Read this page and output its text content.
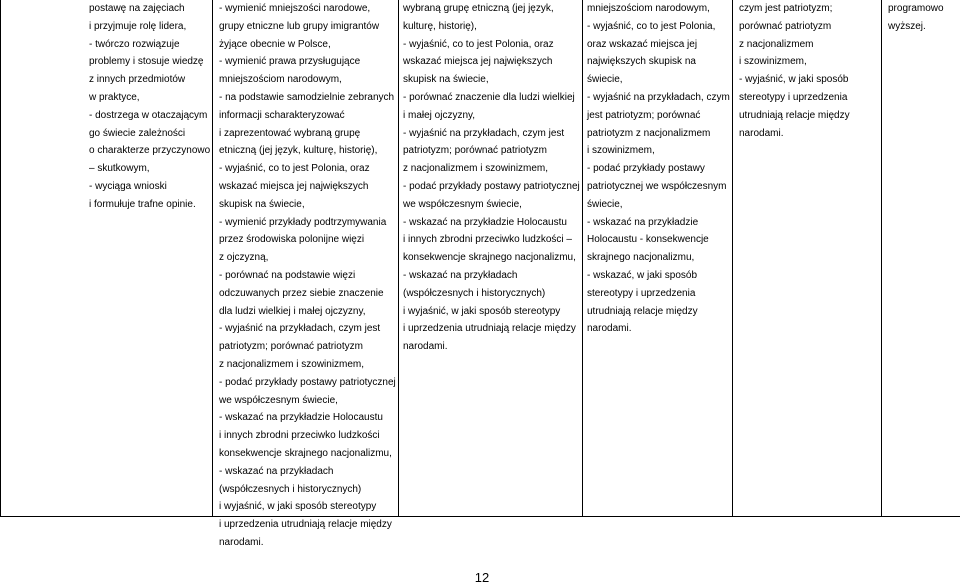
postawę na zajęciach
i przyjmuje rolę lidera,
- twórczo rozwiązuje
problemy i stosuje wiedzę
z innych przedmiotów
w praktyce,
- dostrzega w otaczającym
go świecie zależności
o charakterze przyczynowo
– skutkowym,
- wyciąga wnioski
i formułuje trafne opinie.
- wymienić mniejszości narodowe,
grupy etniczne lub grupy imigrantów
żyjące obecnie w Polsce,
- wymienić prawa przysługujące
mniejszościom narodowym,
- na podstawie samodzielnie zebranych
informacji scharakteryzować
i zaprezentować wybraną grupę
etniczną (jej język, kulturę, historię),
- wyjaśnić, co to jest Polonia, oraz
wskazać miejsca jej największych
skupisk na świecie,
- wymienić przykłady podtrzymywania
przez środowiska polonijne więzi
z ojczyzną,
- porównać na podstawie więzi
odczuwanych przez siebie znaczenie
dla ludzi wielkiej i małej ojczyzny,
- wyjaśnić na przykładach, czym jest
patriotyzm; porównać patriotyzm
z nacjonalizmem i szowinizmem,
- podać przykłady postawy patriotycznej
we współczesnym świecie,
- wskazać na przykładzie Holocaustu
i innych zbrodni przeciwko ludzkości
konsekwencje skrajnego nacjonalizmu,
- wskazać na przykładach
(współczesnych i historycznych)
i wyjaśnić, w jaki sposób stereotypy
i uprzedzenia utrudniają relacje między
narodami.
wybraną grupę etniczną (jej język,
kulturę, historię),
- wyjaśnić, co to jest Polonia, oraz
wskazać miejsca jej największych
skupisk na świecie,
- porównać znaczenie dla ludzi wielkiej
i małej ojczyzny,
- wyjaśnić na przykładach, czym jest
patriotyzm; porównać patriotyzm
z nacjonalizmem i szowinizmem,
- podać przykłady postawy patriotycznej
we współczesnym świecie,
- wskazać na przykładzie Holocaustu
i innych zbrodni przeciwko ludzkości –
konsekwencje skrajnego nacjonalizmu,
- wskazać na przykładach
(współczesnych i historycznych)
i wyjaśnić, w jaki sposób stereotypy
i uprzedzenia utrudniają relacje między
narodami.
mniejszościom narodowym,
- wyjaśnić, co to jest Polonia,
oraz wskazać miejsca jej
największych skupisk na
świecie,
- wyjaśnić na przykładach, czym
jest patriotyzm; porównać
patriotyzm z nacjonalizmem
i szowinizmem,
- podać przykłady postawy
patriotycznej we współczesnym
świecie,
- wskazać na przykładzie
Holocaustu - konsekwencje
skrajnego nacjonalizmu,
- wskazać, w jaki sposób
stereotypy i uprzedzenia
utrudniają relacje między
narodami.
czym jest patriotyzm;
porównać patriotyzm
z nacjonalizmem
i szowinizmem,
- wyjaśnić, w jaki sposób
stereotypy i uprzedzenia
utrudniają relacje między
narodami.
programowo
wyższej.
12
